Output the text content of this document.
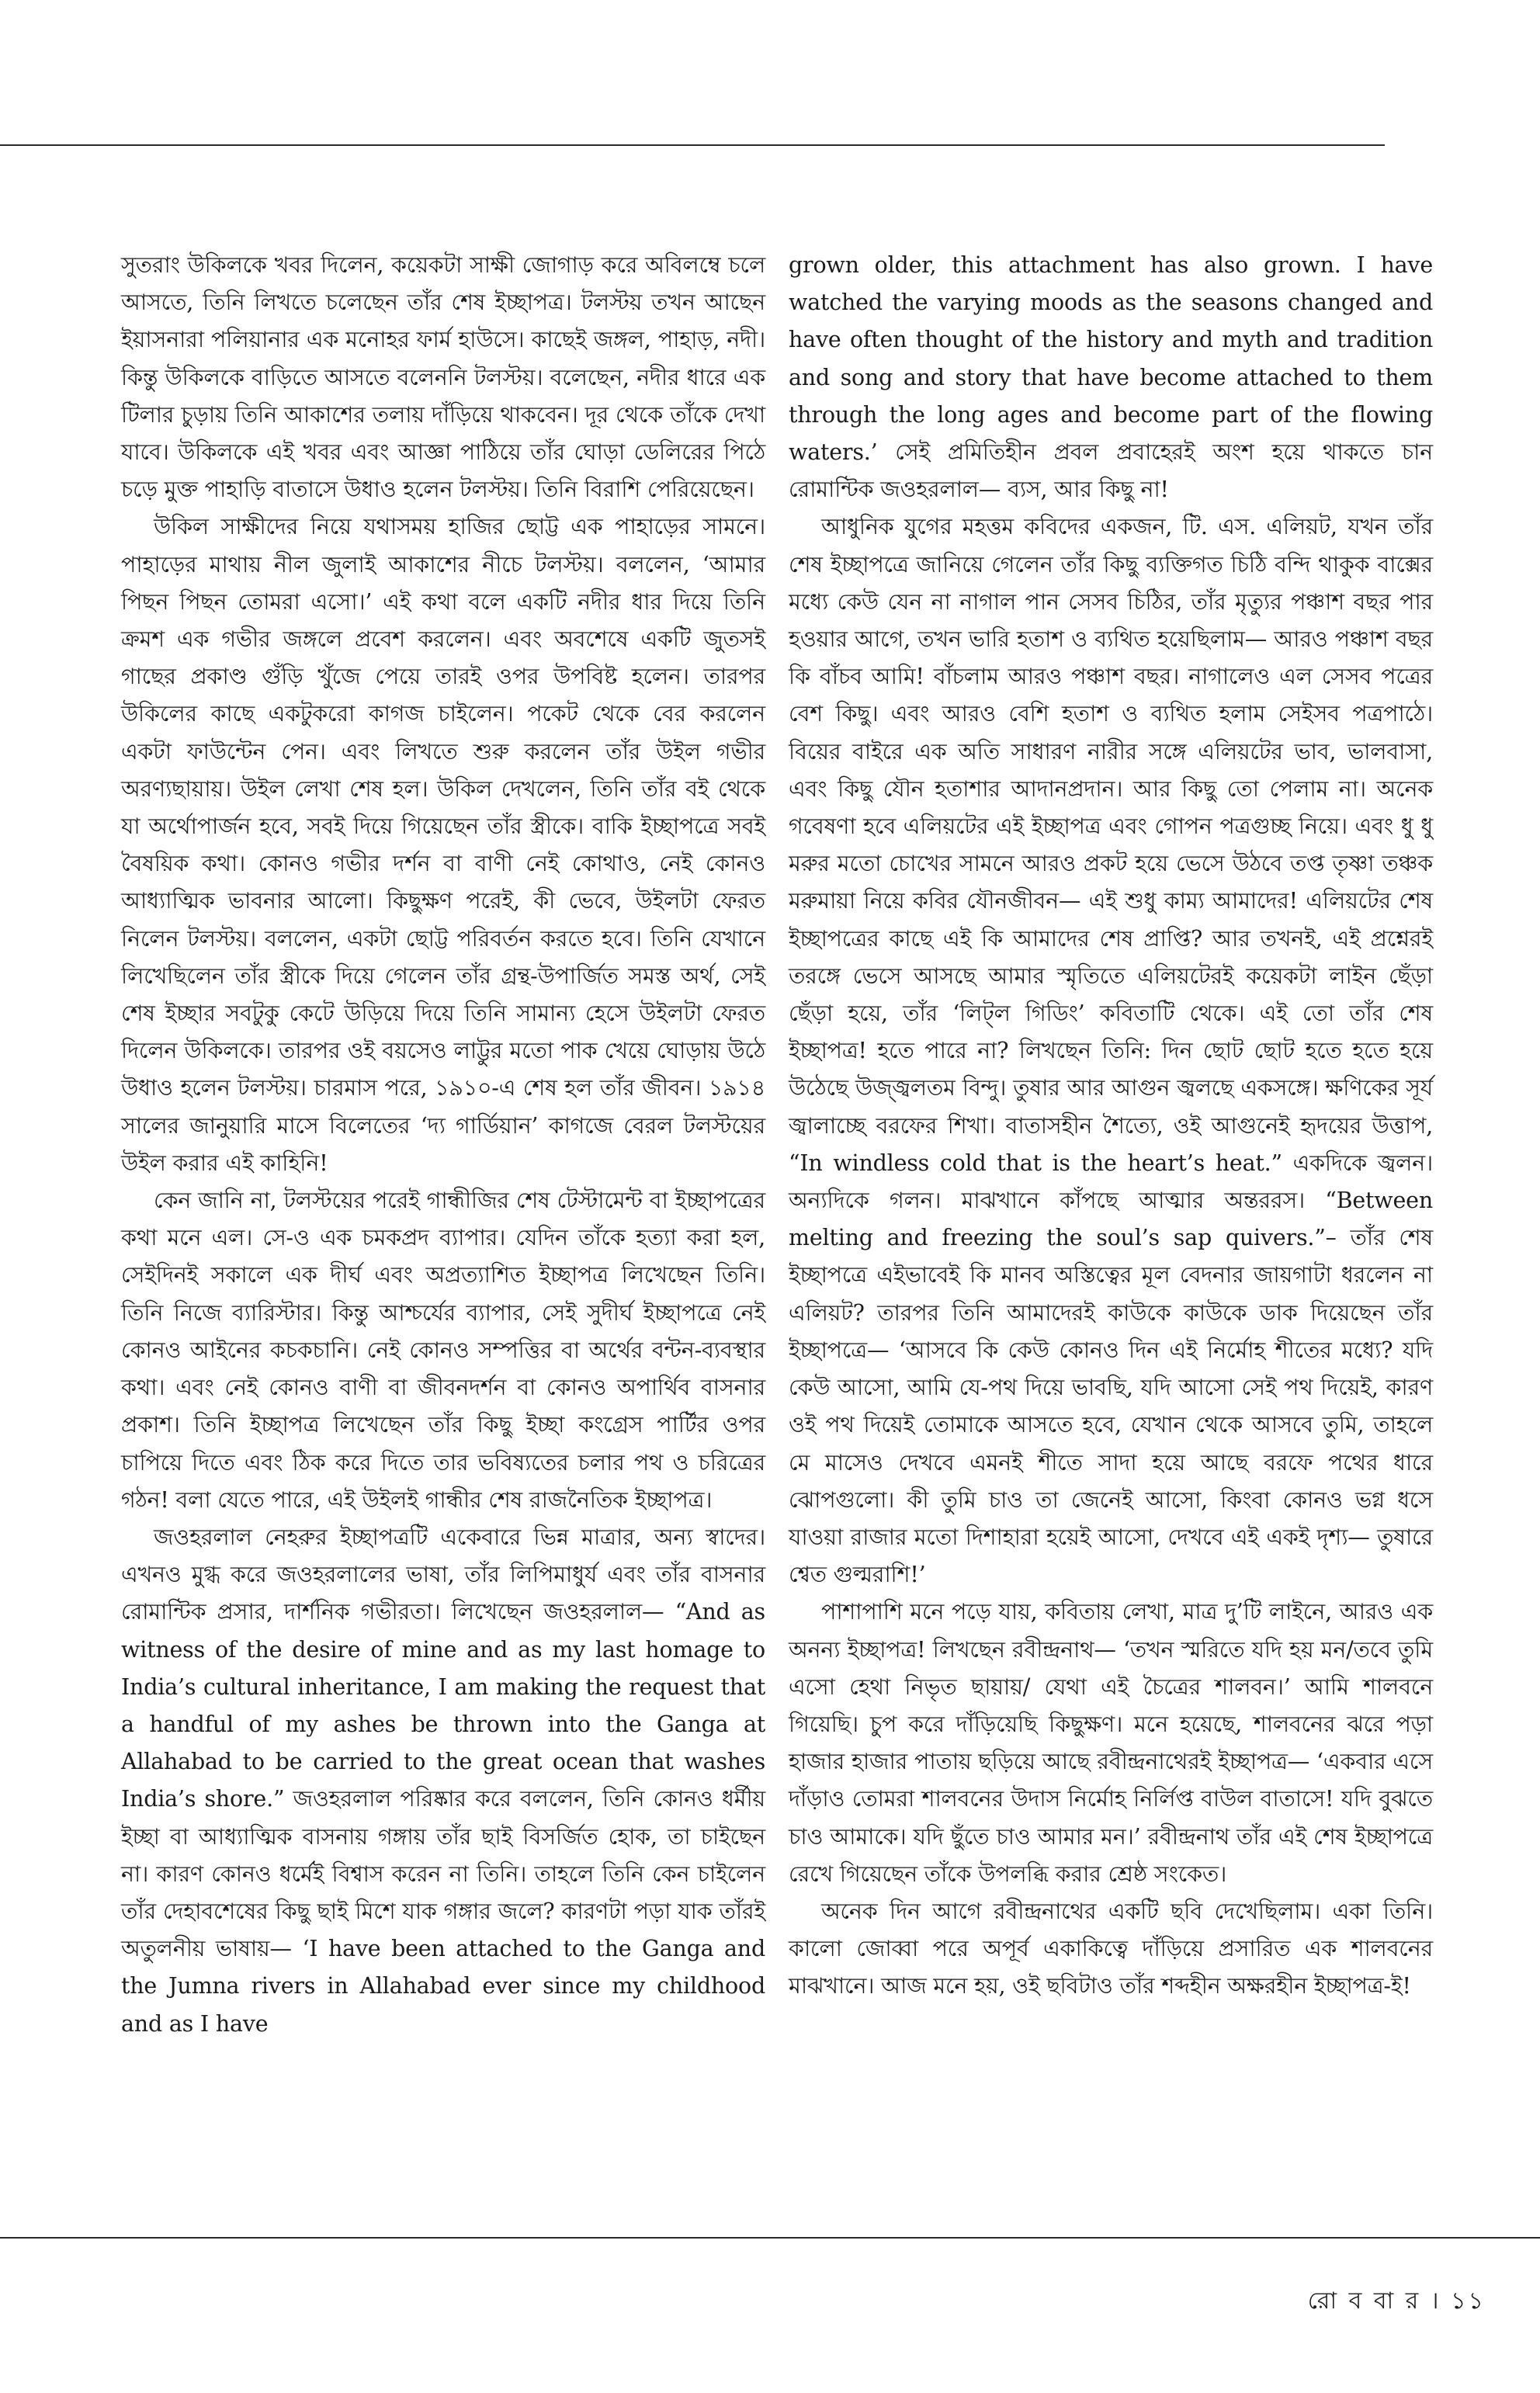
সুতরাং উকিলকে খবর দিলেন, কয়েকটা সাক্ষী জোগাড় করে অবিলম্বে চলে আসতে, তিনি লিখতে চলেছেন তাঁর শেষ ইচ্ছাপত্র। টলস্টয় তখন আছেন ইয়াসনারা পলিয়ানার এক মনোহর ফার্ম হাউসে। কাছেই জঙ্গল, পাহাড়, নদী। কিন্তু উকিলকে বাড়িতে আসতে বলেননি টলস্টয়। বলেছেন, নদীর ধারে এক টিলার চুড়ায় তিনি আকাশের তলায় দাঁড়িয়ে থাকবেন। দূর থেকে তাঁকে দেখা যাবে। উকিলকে এই খবর এবং আজ্ঞা পাঠিয়ে তাঁর ঘোড়া ডেলিরের পিঠে চড়ে মুক্ত পাহাড়ি বাতাসে উধাও হলেন টলস্টয়। তিনি বিরাশি পেরিয়েছেন।

উকিল সাক্ষীদের নিয়ে যথাসময় হাজির ছোট্ট এক পাহাড়ের সামনে। পাহাড়ের মাথায় নীল জুলাই আকাশের নীচে টলস্টয়। বললেন, ‘আমার পিছন পিছন তোমরা এসো।’ এই কথা বলে একটি নদীর ধার দিয়ে তিনি ক্রমশ এক গভীর জঙ্গলে প্রবেশ করলেন। এবং অবশেষে একটি জুতসই গাছের প্রকাণ্ড গুঁড়ি খুঁজে পেয়ে তারই ওপর উপবিষ্ট হলেন। তারপর উকিলের কাছে একটুকরো কাগজ চাইলেন। পকেট থেকে বের করলেন একটা ফাউন্টেন পেন। এবং লিখতে শুরু করলেন তাঁর উইল গভীর অরণ্যছায়ায়। উইল লেখা শেষ হল। উকিল দেখলেন, তিনি তাঁর বই থেকে যা অর্থোপার্জন হবে, সবই দিয়ে গিয়েছেন তাঁর স্ত্রীকে। বাকি ইচ্ছাপত্রে সবই বৈষয়িক কথা। কোনও গভীর দর্শন বা বাণী নেই কোথাও, নেই কোনও আধ্যাত্মিক ভাবনার আলো। কিছুক্ষণ পরেই, কী ভেবে, উইলটা ফেরত নিলেন টলস্টয়। বললেন, একটা ছোট্ট পরিবর্তন করতে হবে। তিনি যেখানে লিখেছিলেন তাঁর স্ত্রীকে দিয়ে গেলেন তাঁর গ্রন্থ-উপার্জিত সমস্ত অর্থ, সেই শেষ ইচ্ছার সবটুকু কেটে উড়িয়ে দিয়ে তিনি সামান্য হেসে উইলটা ফেরত দিলেন উকিলকে। তারপর ওই বয়সেও লাট্টুর মতো পাক খেয়ে ঘোড়ায় উঠে উধাও হলেন টলস্টয়। চারমাস পরে, ১৯১০-এ শেষ হল তাঁর জীবন। ১৯১৪ সালের জানুয়ারি মাসে বিলেতের ‘দ্য গার্ডিয়ান’ কাগজে বেরল টলস্টয়ের উইল করার এই কাহিনি!

কেন জানি না, টলস্টয়ের পরেই গান্ধীজির শেষ টেস্টামেন্ট বা ইচ্ছাপত্রের কথা মনে এল। সে-ও এক চমকপ্রদ ব্যাপার। যেদিন তাঁকে হত্যা করা হল, সেইদিনই সকালে এক দীর্ঘ এবং অপ্রত্যাশিত ইচ্ছাপত্র লিখেছেন তিনি। তিনি নিজে ব্যারিস্টার। কিন্তু আশ্চর্যের ব্যাপার, সেই সুদীর্ঘ ইচ্ছাপত্রে নেই কোনও আইনের কচকচানি। নেই কোনও সম্পত্তির বা অর্থের বন্টন-ব্যবস্থার কথা। এবং নেই কোনও বাণী বা জীবনদর্শন বা কোনও অপার্থিব বাসনার প্রকাশ। তিনি ইচ্ছাপত্র লিখেছেন তাঁর কিছু ইচ্ছা কংগ্রেস পার্টির ওপর চাপিয়ে দিতে এবং ঠিক করে দিতে তার ভবিষ্যতের চলার পথ ও চরিত্রের গঠন! বলা যেতে পারে, এই উইলই গান্ধীর শেষ রাজনৈতিক ইচ্ছাপত্র।

জওহরলাল নেহরুর ইচ্ছাপত্রটি একেবারে ভিন্ন মাত্রার, অন্য স্বাদের। এখনও মুগ্ধ করে জওহরলালের ভাষা, তাঁর লিপিমাধুর্য এবং তাঁর বাসনার রোমান্টিক প্রসার, দার্শনিক গভীরতা। লিখেছেন জওহরলাল— “And as witness of the desire of mine and as my last homage to India’s cultural inheritance, I am making the request that a handful of my ashes be thrown into the Ganga at Allahabad to be carried to the great ocean that washes India’s shore.” জওহরলাল পরিষ্কার করে বললেন, তিনি কোনও ধর্মীয় ইচ্ছা বা আধ্যাত্মিক বাসনায় গঙ্গায় তাঁর ছাই বিসর্জিত হোক, তা চাইছেন না। কারণ কোনও ধর্মেই বিশ্বাস করেন না তিনি। তাহলে তিনি কেন চাইলেন তাঁর দেহাবশেষের কিছু ছাই মিশে যাক গঙ্গার জলে? কারণটা পড়া যাক তাঁরই অতুলনীয় ভাষায়— ‘I have been attached to the Ganga and the Jumna rivers in Allahabad ever since my childhood and as I have

grown older, this attachment has also grown. I have watched the varying moods as the seasons changed and have often thought of the history and myth and tradition and song and story that have become attached to them through the long ages and become part of the flowing waters.’ সেই প্রমিতিহীন প্রবল প্রবাহেরই অংশ হয়ে থাকতে চান রোমান্টিক জওহরলাল— ব্যস, আর কিছু না!

আধুনিক যুগের মহত্তম কবিদের একজন, টি. এস. এলিয়ট, যখন তাঁর শেষ ইচ্ছাপত্রে জানিয়ে গেলেন তাঁর কিছু ব্যক্তিগত চিঠি বন্দি থাকুক বাক্সের মধ্যে কেউ যেন না নাগাল পান সেসব চিঠির, তাঁর মৃত্যুর পঞ্চাশ বছর পার হওয়ার আগে, তখন ভারি হতাশ ও ব্যথিত হয়েছিলাম— আরও পঞ্চাশ বছর কি বাঁচব আমি! বাঁচলাম আরও পঞ্চাশ বছর। নাগালেও এল সেসব পত্রের বেশ কিছু। এবং আরও বেশি হতাশ ও ব্যথিত হলাম সেইসব পত্রপাঠে। বিয়ের বাইরে এক অতি সাধারণ নারীর সঙ্গে এলিয়টের ভাব, ভালবাসা, এবং কিছু যৌন হতাশার আদানপ্রদান। আর কিছু তো পেলাম না। অনেক গবেষণা হবে এলিয়টের এই ইচ্ছাপত্র এবং গোপন পত্রগুচ্ছ নিয়ে। এবং ধু ধু মরুর মতো চোখের সামনে আরও প্রকট হয়ে ভেসে উঠবে তপ্ত তৃষ্ণা তঞ্চক মরুমায়া নিয়ে কবির যৌনজীবন— এই শুধু কাম্য আমাদের! এলিয়টের শেষ ইচ্ছাপত্রের কাছে এই কি আমাদের শেষ প্রাপ্তি? আর তখনই, এই প্রশ্নেরই তরঙ্গে ভেসে আসছে আমার স্মৃতিতে এলিয়টেরই কয়েকটা লাইন ছেঁড়া ছেঁড়া হয়ে, তাঁর ‘লিট্‌ল গিডিং’ কবিতাটি থেকে। এই তো তাঁর শেষ ইচ্ছাপত্র! হতে পারে না? লিখছেন তিনি: দিন ছোট ছোট হতে হতে হয়ে উঠেছে উজ্জ্বলতম বিন্দু। তুষার আর আগুন জ্বলছে একসঙ্গে। ক্ষণিকের সূর্য জ্বালাচ্ছে বরফের শিখা। বাতাসহীন শৈত্যে, ওই আগুনেই হৃদয়ের উত্তাপ, “In windless cold that is the heart’s heat.” একদিকে জ্বলন। অন্যদিকে গলন। মাঝখানে কাঁপছে আত্মার অন্তররস। “Between melting and freezing the soul’s sap quivers.”– তাঁর শেষ ইচ্ছাপত্রে এইভাবেই কি মানব অস্তিত্বের মূল বেদনার জায়গাটা ধরলেন না এলিয়ট? তারপর তিনি আমাদেরই কাউকে কাউকে ডাক দিয়েছেন তাঁর ইচ্ছাপত্রে— ‘আসবে কি কেউ কোনও দিন এই নির্মোহ শীতের মধ্যে? যদি কেউ আসো, আমি যে-পথ দিয়ে ভাবছি, যদি আসো সেই পথ দিয়েই, কারণ ওই পথ দিয়েই তোমাকে আসতে হবে, যেখান থেকে আসবে তুমি, তাহলে মে মাসেও দেখবে এমনই শীতে সাদা হয়ে আছে বরফে পথের ধারে ঝোপগুলো। কী তুমি চাও তা জেনেই আসো, কিংবা কোনও ভগ্ন ধসে যাওয়া রাজার মতো দিশাহারা হয়েই আসো, দেখবে এই একই দৃশ্য— তুষারে শ্বেত গুল্মরাশি!’

পাশাপাশি মনে পড়ে যায়, কবিতায় লেখা, মাত্র দু’টি লাইনে, আরও এক অনন্য ইচ্ছাপত্র! লিখছেন রবীন্দ্রনাথ— ‘তখন স্মরিতে যদি হয় মন/তবে তুমি এসো হেথা নিভৃত ছায়ায়/ যেথা এই চৈত্রের শালবন।’ আমি শালবনে গিয়েছি। চুপ করে দাঁড়িয়েছি কিছুক্ষণ। মনে হয়েছে, শালবনের ঝরে পড়া হাজার হাজার পাতায় ছড়িয়ে আছে রবীন্দ্রনাথেরই ইচ্ছাপত্র— ‘একবার এসে দাঁড়াও তোমরা শালবনের উদাস নির্মোহ নির্লিপ্ত বাউল বাতাসে! যদি বুঝতে চাও আমাকে। যদি ছুঁতে চাও আমার মন।’ রবীন্দ্রনাথ তাঁর এই শেষ ইচ্ছাপত্রে রেখে গিয়েছেন তাঁকে উপলব্ধি করার শ্রেষ্ঠ সংকেত।

অনেক দিন আগে রবীন্দ্রনাথের একটি ছবি দেখেছিলাম। একা তিনি। কালো জোব্বা পরে অপূর্ব একাকিত্বে দাঁড়িয়ে প্রসারিত এক শালবনের মাঝখানে। আজ মনে হয়, ওই ছবিটাও তাঁর শব্দহীন অক্ষরহীন ইচ্ছাপত্র-ই!

রো ব বা র । ১১
